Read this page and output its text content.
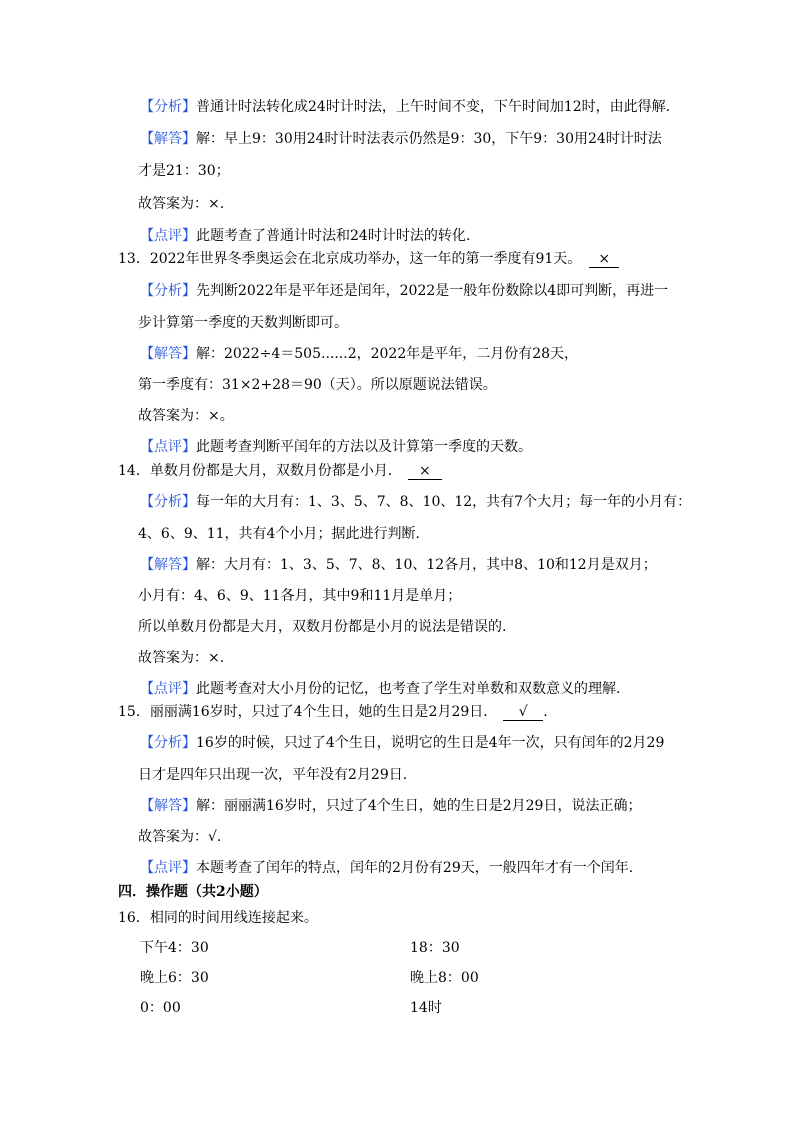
【分析】普通计时法转化成24时计时法，上午时间不变，下午时间加12时，由此得解.
【解答】解：早上9：30用24时计时法表示仍然是9：30，下午9：30用24时计时法
才是21：30；
故答案为：×.
【点评】此题考查了普通计时法和24时计时法的转化.
13．2022年世界冬季奥运会在北京成功举办，这一年的第一季度有91天。 ×
【分析】先判断2022年是平年还是闰年，2022是一般年份数除以4即可判断，再进一
步计算第一季度的天数判断即可。
【解答】解：2022÷4＝505......2，2022年是平年，二月份有28天，
第一季度有：31×2+28＝90（天）。所以原题说法错误。
故答案为：×。
【点评】此题考查判断平闰年的方法以及计算第一季度的天数。
14．单数月份都是大月，双数月份都是小月． ×
【分析】每一年的大月有：1、3、5、7、8、10、12，共有7个大月；每一年的小月有：
4、6、9、11，共有4个小月；据此进行判断.
【解答】解：大月有：1、3、5、7、8、10、12各月，其中8、10和12月是双月；
小月有：4、6、9、11各月，其中9和11月是单月；
所以单数月份都是大月，双数月份都是小月的说法是错误的.
故答案为：×.
【点评】此题考查对大小月份的记忆，也考查了学生对单数和双数意义的理解.
15．丽丽满16岁时，只过了4个生日，她的生日是2月29日． √ .
【分析】16岁的时候，只过了4个生日，说明它的生日是4年一次，只有闰年的2月29
日才是四年只出现一次，平年没有2月29日.
【解答】解：丽丽满16岁时，只过了4个生日，她的生日是2月29日，说法正确；
故答案为：√.
【点评】本题考查了闰年的特点，闰年的2月份有29天，一般四年才有一个闰年.
四．操作题（共2小题）
16．相同的时间用线连接起来。
下午4：30
晚上6：30
0：00
18：30
晚上8：00
14时
